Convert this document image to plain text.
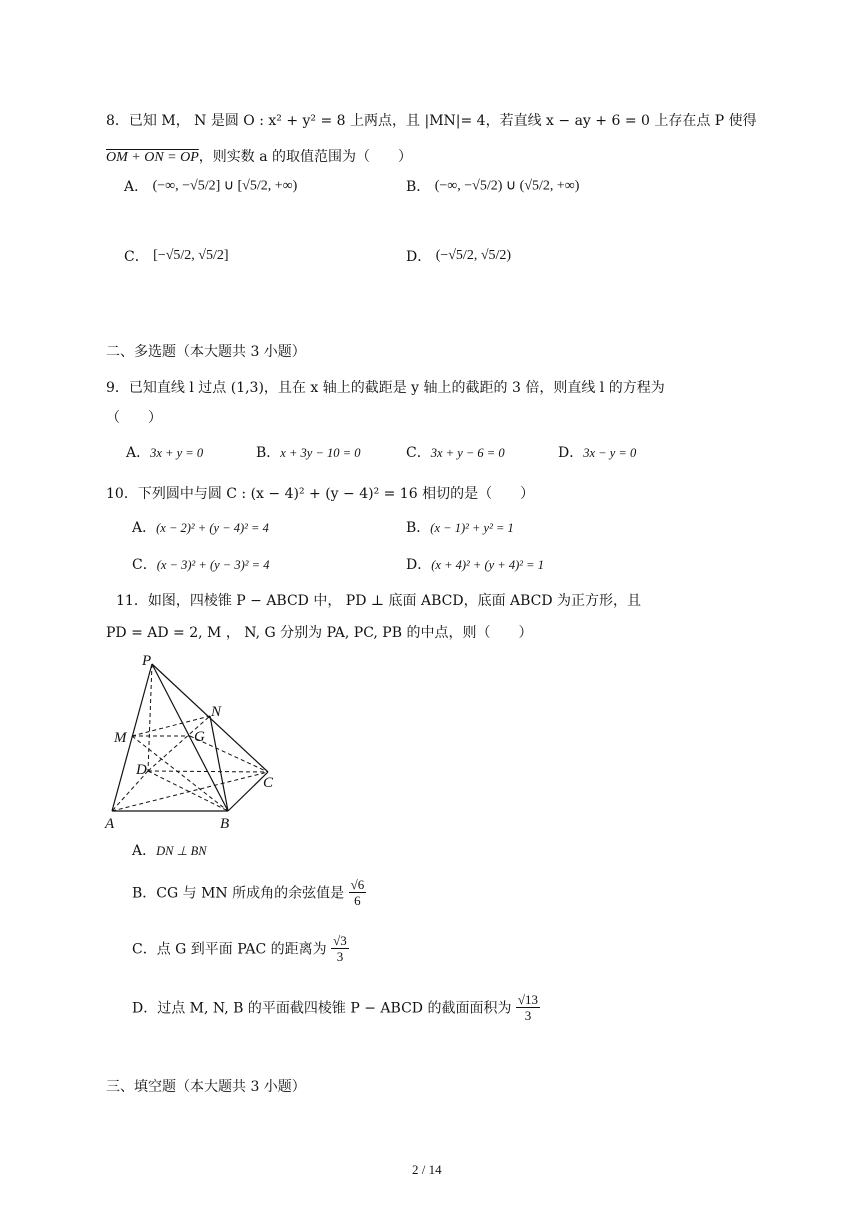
8．已知 M， N 是圆 O : x² + y² = 8 上两点，且 |MN|= 4，若直线 x − ay + 6 = 0 上存在点 P 使得
OM + ON = OP，则实数 a 的取值范围为（　　）
A． (−∞, −√5/2] ∪ [√5/2, +∞)	B． (−∞, −√5/2) ∪ (√5/2, +∞)
C． [−√5/2, √5/2]	D． (−√5/2, √5/2)
二、多选题（本大题共 3 小题）
9．已知直线 l 过点 (1,3)，且在 x 轴上的截距是 y 轴上的截距的 3 倍，则直线 l 的方程为
（　　）
A．3x + y = 0	B．x + 3y − 10 = 0	C．3x + y − 6 = 0	D．3x − y = 0
10．下列圆中与圆 C : (x − 4)² + (y − 4)² = 16 相切的是（　　）
A．(x − 2)² + (y − 4)² = 4	B．(x − 1)² + y² = 1
C．(x − 3)² + (y − 3)² = 4	D．(x + 4)² + (y + 4)² = 1
11．如图，四棱锥 P − ABCD 中， PD ⊥ 底面 ABCD，底面 ABCD 为正方形，且
PD = AD = 2, M ， N, G 分别为 PA, PC, PB 的中点，则（　　）
P
N
M	G
D
C
A	B
A．DN ⊥ BN
B．CG 与 MN 所成角的余弦值是 $\frac{√6}{6}$
C．点 G 到平面 PAC 的距离为 $\frac{√3}{3}$
D．过点 M, N, B 的平面截四棱锥 P − ABCD 的截面面积为 $\frac{√13}{3}$
三、填空题（本大题共 3 小题）
2 / 14
